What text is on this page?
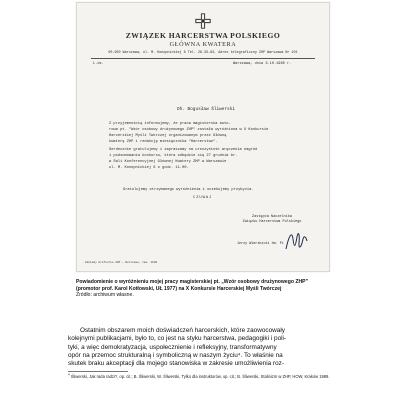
ZWIĄZEK HARCERSTWA POLSKIEGO
GŁÓWNA KWATERA
00-950 Warszawa, ul. M. Konopnickiej 6 Tel. 28-33-83, Adres telegraficzny ZHP Warszawa Nr 101
L.dz.	Warszawa, dnia 3.10.1980 r.
Dh. Bogusław Śliwerski
Z przyjemnością informujemy, że praca magisterska auto-
rowa pt. "Wzór osobowy drużynowego ZHP" została wyróżniona w X Konkursie
Harcerskiej Myśli Twórczej organizowanym przez Główną
kwaterę ZHP i redakcję miesięcznika "Harcerstwo".
Serdecznie gratulujemy i zapraszamy na uroczystość wręczenia nagród
i podsumowania konkursu, która odbędzie się 27 grudnia br.
w Sali Konferencyjnej Głównej Kwatery ZHP w Warszawie
ul. M. Konopnickiej 6 o godz. 11.00.
Gratulujemy otrzymanego wyróżnienia i oczekujemy przybycia.
CZUWAJ
Zastępca Naczelnika
Związku Harcerstwa Polskiego
Jerzy Wierzbicki hm. PL
Zakłady Graficzne ZHP — Warszawa, zam. 1980
Powiadomienie o wyróżnieniu mojej pracy magisterskiej pt. „Wzór osobowy drużynowego ZHP” (promotor prof. Karol Kotłowski, UŁ 1977) na X Konkursie Harcerskiej Myśli Twórczej
Źródło: archiwum własne.
Ostatnim obszarem moich doświadczeń harcerskich, które zaowocowały
kolejnymi publikacjami, było to, co jest na styku harcerstwa, pedagogiki i poli-
tyki, a więc demokratyzacja, uspołecznienie i refleksyjny, transformatywny
opór na przemoc strukturalną i symboliczną w naszym życiu⁴. To właśnie na
skutek braku akceptacji dla mojego stanowiska w zakresie umożliwienia roz-
$^4$ Śliwerski, Jak rada radzi?, op. cit.; B. Śliwerski, W. Śliwerski, Tylko dla instruktorów, op. cit.; B. Śliwerski, Stalinizm w ZHP, HOW, Kraków 1989.
